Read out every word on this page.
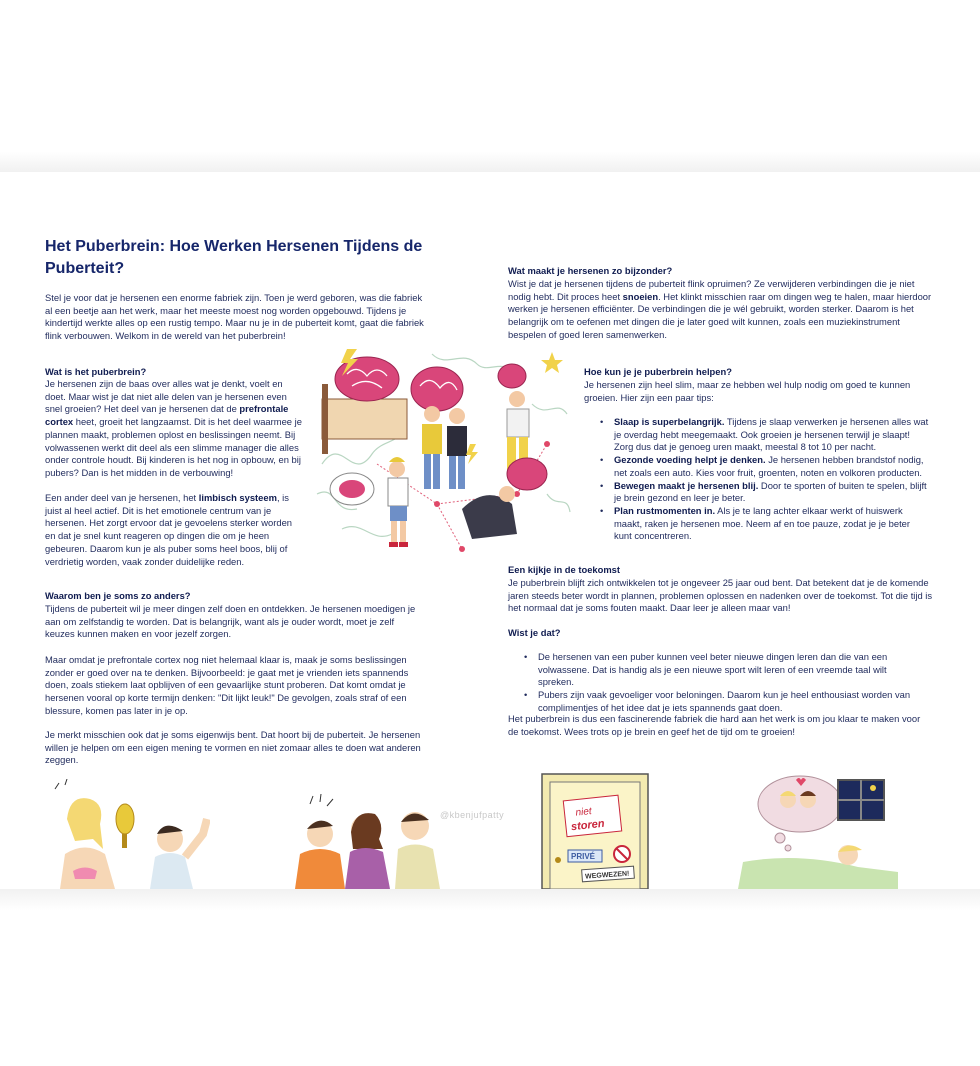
Het Puberbrein: Hoe Werken Hersenen Tijdens de Puberteit?

Stel je voor dat je hersenen een enorme fabriek zijn. Toen je werd geboren, was die fabriek al een beetje aan het werk, maar het meeste moest nog worden opgebouwd. Tijdens je kindertijd werkte alles op een rustig tempo. Maar nu je in de puberteit komt, gaat die fabriek flink verbouwen. Welkom in de wereld van het puberbrein!

Wat is het puberbrein?

Je hersenen zijn de baas over alles wat je denkt, voelt en doet. Maar wist je dat niet alle delen van je hersenen even snel groeien? Het deel van je hersenen dat de prefrontale cortex heet, groeit het langzaamst. Dit is het deel waarmee je plannen maakt, problemen oplost en beslissingen neemt. Bij volwassenen werkt dit deel als een slimme manager die alles onder controle houdt. Bij kinderen is het nog in opbouw, en bij pubers? Dan is het midden in de verbouwing!

Een ander deel van je hersenen, het limbisch systeem, is juist al heel actief. Dit is het emotionele centrum van je hersenen. Het zorgt ervoor dat je gevoelens sterker worden en dat je snel kunt reageren op dingen die om je heen gebeuren. Daarom kun je als puber soms heel boos, blij of verdrietig worden, vaak zonder duidelijke reden.

Waarom ben je soms zo anders?

Tijdens de puberteit wil je meer dingen zelf doen en ontdekken. Je hersenen moedigen je aan om zelfstandig te worden. Dat is belangrijk, want als je ouder wordt, moet je zelf keuzes kunnen maken en voor jezelf zorgen.

Maar omdat je prefrontale cortex nog niet helemaal klaar is, maak je soms beslissingen zonder er goed over na te denken. Bijvoorbeeld: je gaat met je vrienden iets spannends doen, zoals stiekem laat opblijven of een gevaarlijke stunt proberen. Dat komt omdat je hersenen vooral op korte termijn denken: "Dit lijkt leuk!" De gevolgen, zoals straf of een blessure, komen pas later in je op.

Je merkt misschien ook dat je soms eigenwijs bent. Dat hoort bij de puberteit. Je hersenen willen je helpen om een eigen mening te vormen en niet zomaar alles te doen wat anderen zeggen.

Wat maakt je hersenen zo bijzonder?

Wist je dat je hersenen tijdens de puberteit flink opruimen? Ze verwijderen verbindingen die je niet nodig hebt. Dit proces heet snoeien. Het klinkt misschien raar om dingen weg te halen, maar hierdoor werken je hersenen efficiënter. De verbindingen die je wél gebruikt, worden sterker. Daarom is het belangrijk om te oefenen met dingen die je later goed wilt kunnen, zoals een muziekinstrument bespelen of goed leren samenwerken.

Hoe kun je je puberbrein helpen?

Je hersenen zijn heel slim, maar ze hebben wel hulp nodig om goed te kunnen groeien. Hier zijn een paar tips:

• Slaap is superbelangrijk. Tijdens je slaap verwerken je hersenen alles wat je overdag hebt meegemaakt. Ook groeien je hersenen terwijl je slaapt! Zorg dus dat je genoeg uren maakt, meestal 8 tot 10 per nacht.
• Gezonde voeding helpt je denken. Je hersenen hebben brandstof nodig, net zoals een auto. Kies voor fruit, groenten, noten en volkoren producten.
• Bewegen maakt je hersenen blij. Door te sporten of buiten te spelen, blijft je brein gezond en leer je beter.
• Plan rustmomenten in. Als je te lang achter elkaar werkt of huiswerk maakt, raken je hersenen moe. Neem af en toe pauze, zodat je je beter kunt concentreren.

Een kijkje in de toekomst

Je puberbrein blijft zich ontwikkelen tot je ongeveer 25 jaar oud bent. Dat betekent dat je de komende jaren steeds beter wordt in plannen, problemen oplossen en nadenken over de toekomst. Tot die tijd is het normaal dat je soms fouten maakt. Daar leer je alleen maar van!

Wist je dat?

• De hersenen van een puber kunnen veel beter nieuwe dingen leren dan die van een volwassene. Dat is handig als je een nieuwe sport wilt leren of een vreemde taal wilt spreken.
• Pubers zijn vaak gevoeliger voor beloningen. Daarom kun je heel enthousiast worden van complimentjes of het idee dat je iets spannends gaat doen.

Het puberbrein is dus een fascinerende fabriek die hard aan het werk is om jou klaar te maken voor de toekomst. Wees trots op je brein en geef het de tijd om te groeien!

@kbenjufpatty	niet
storen
PRIVÉ
WEGWEZEN!
